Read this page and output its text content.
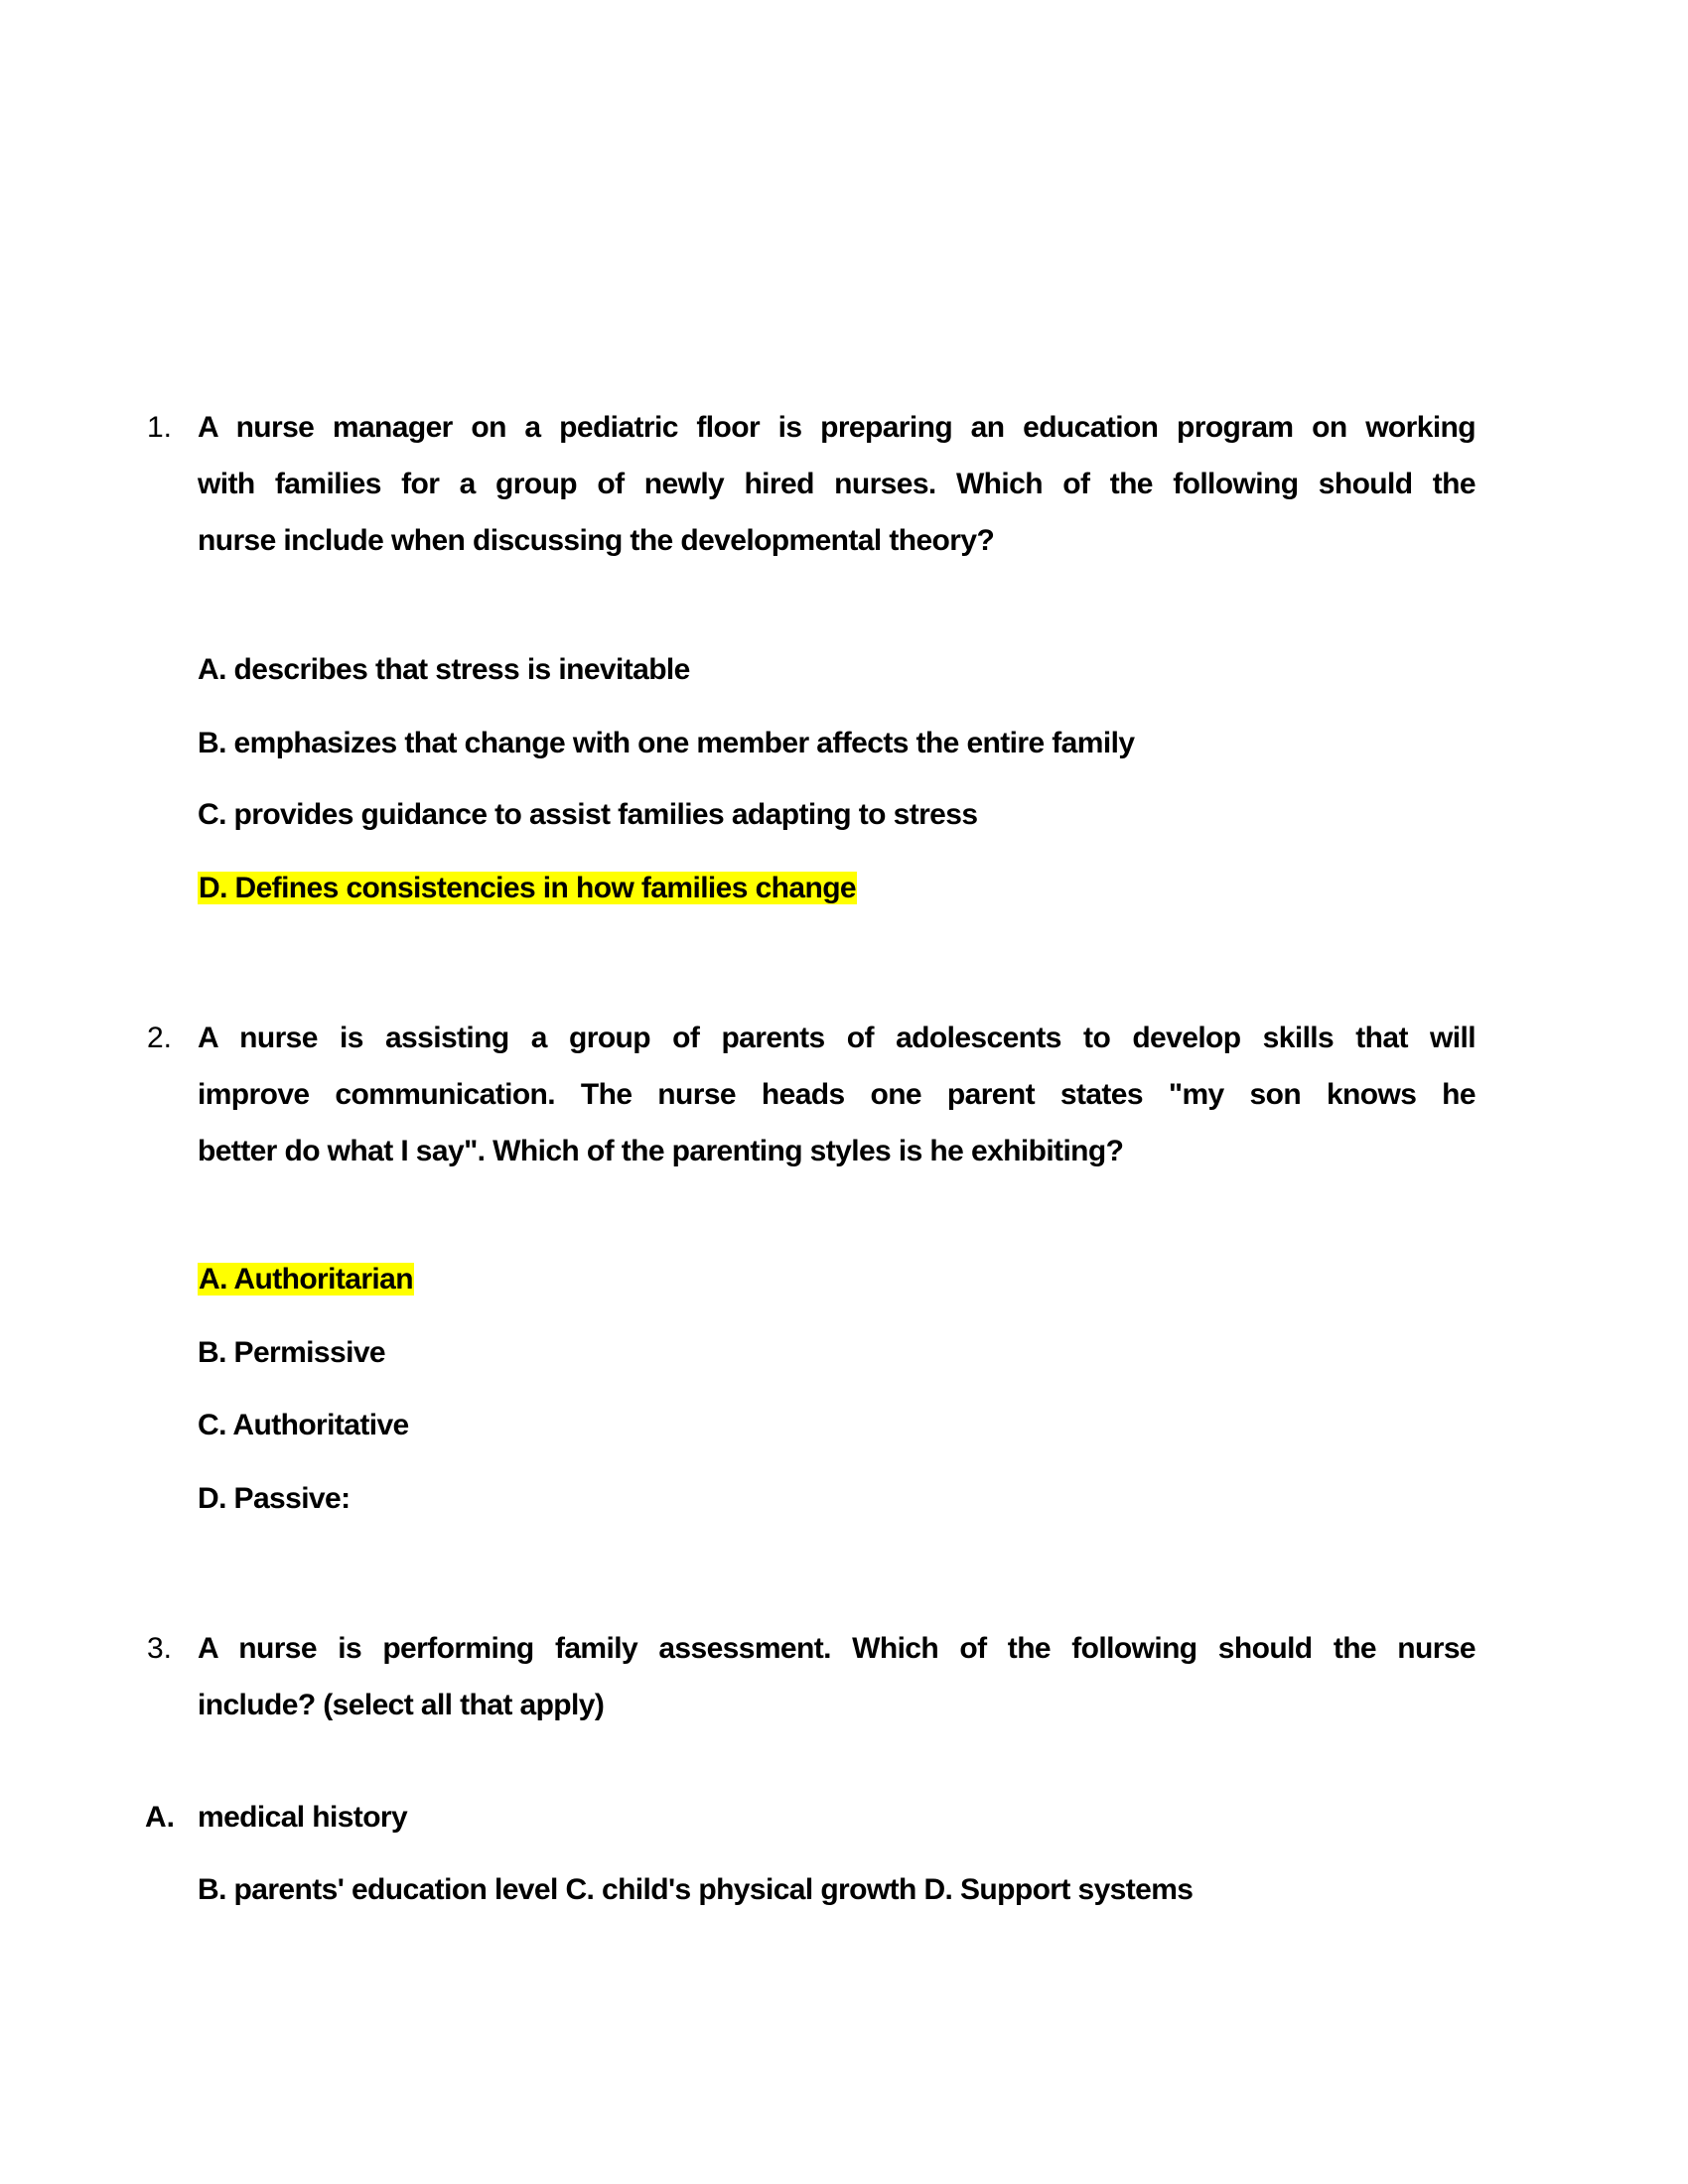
1. A nurse manager on a pediatric floor is preparing an education program on working
with families for a group of newly hired nurses. Which of the following should the
nurse include when discussing the developmental theory?
A. describes that stress is inevitable
B. emphasizes that change with one member affects the entire family
C. provides guidance to assist families adapting to stress
D. Defines consistencies in how families change
2. A nurse is assisting a group of parents of adolescents to develop skills that will
improve communication. The nurse heads one parent states "my son knows he
better do what I say". Which of the parenting styles is he exhibiting?
A. Authoritarian
B. Permissive
C. Authoritative
D. Passive:
3. A nurse is performing family assessment. Which of the following should the nurse
include? (select all that apply)
A. medical history
B. parents' education level C. child's physical growth D. Support systems
